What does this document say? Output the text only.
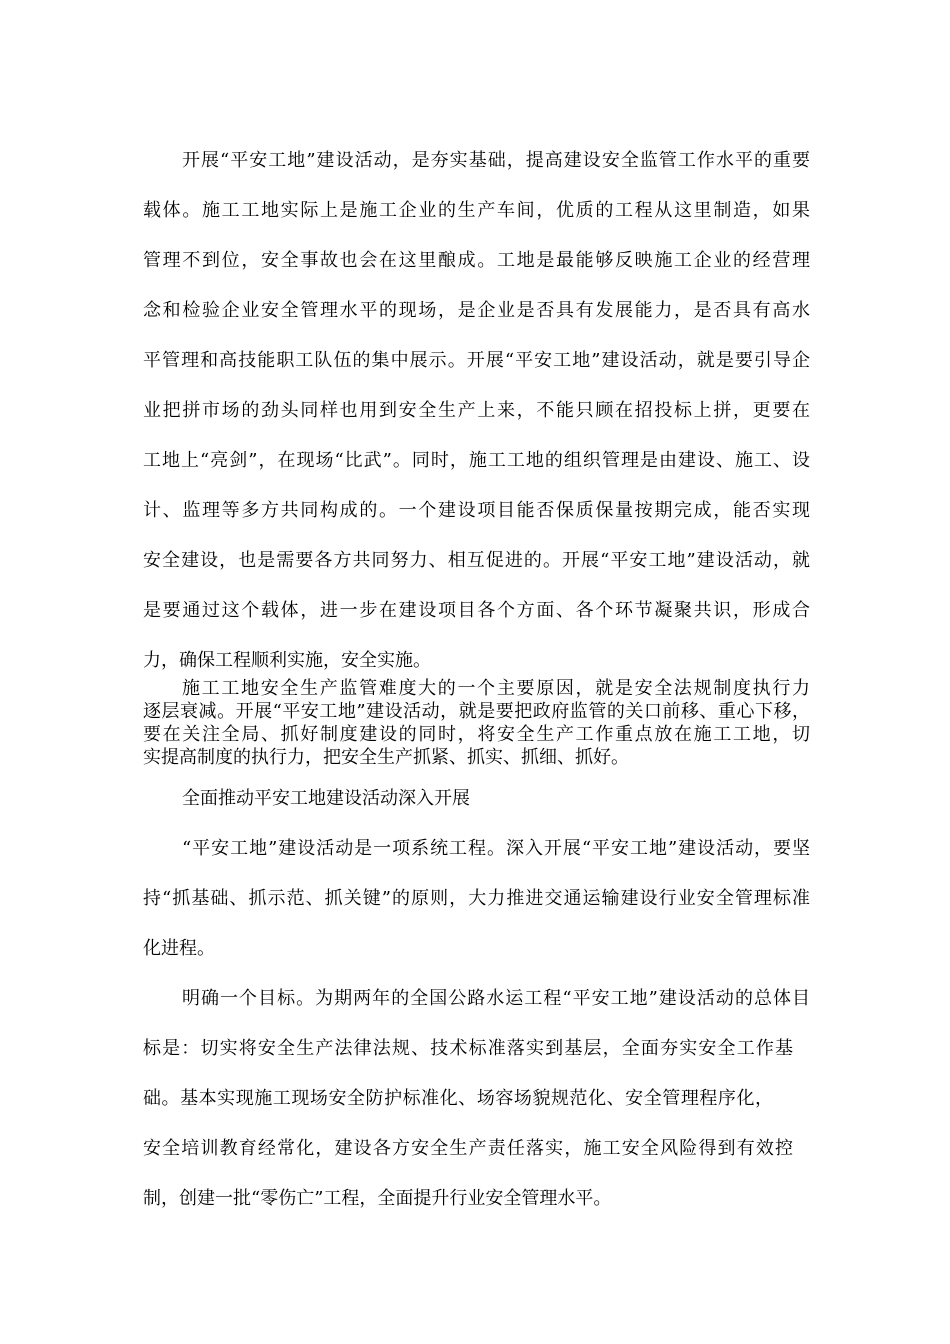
开展“平安工地”建设活动，是夯实基础，提高建设安全监管工作水平的重要
载体。施工工地实际上是施工企业的生产车间，优质的工程从这里制造，如果
管理不到位，安全事故也会在这里酿成。工地是最能够反映施工企业的经营理
念和检验企业安全管理水平的现场，是企业是否具有发展能力，是否具有高水
平管理和高技能职工队伍的集中展示。开展“平安工地”建设活动，就是要引导企
业把拼市场的劲头同样也用到安全生产上来，不能只顾在招投标上拼，更要在
工地上“亮剑”，在现场“比武”。同时，施工工地的组织管理是由建设、施工、设
计、监理等多方共同构成的。一个建设项目能否保质保量按期完成，能否实现
安全建设，也是需要各方共同努力、相互促进的。开展“平安工地”建设活动，就
是要通过这个载体，进一步在建设项目各个方面、各个环节凝聚共识，形成合
力，确保工程顺利实施，安全实施。
施工工地安全生产监管难度大的一个主要原因，就是安全法规制度执行力
逐层衰减。开展“平安工地”建设活动，就是要把政府监管的关口前移、重心下移，
要在关注全局、抓好制度建设的同时，将安全生产工作重点放在施工工地，切
实提高制度的执行力，把安全生产抓紧、抓实、抓细、抓好。
全面推动平安工地建设活动深入开展
“平安工地”建设活动是一项系统工程。深入开展“平安工地”建设活动，要坚
持“抓基础、抓示范、抓关键”的原则，大力推进交通运输建设行业安全管理标准
化进程。
明确一个目标。为期两年的全国公路水运工程“平安工地”建设活动的总体目
标是：切实将安全生产法律法规、技术标准落实到基层，全面夯实安全工作基
础。基本实现施工现场安全防护标准化、场容场貌规范化、安全管理程序化，
安全培训教育经常化，建设各方安全生产责任落实，施工安全风险得到有效控
制，创建一批“零伤亡”工程，全面提升行业安全管理水平。
